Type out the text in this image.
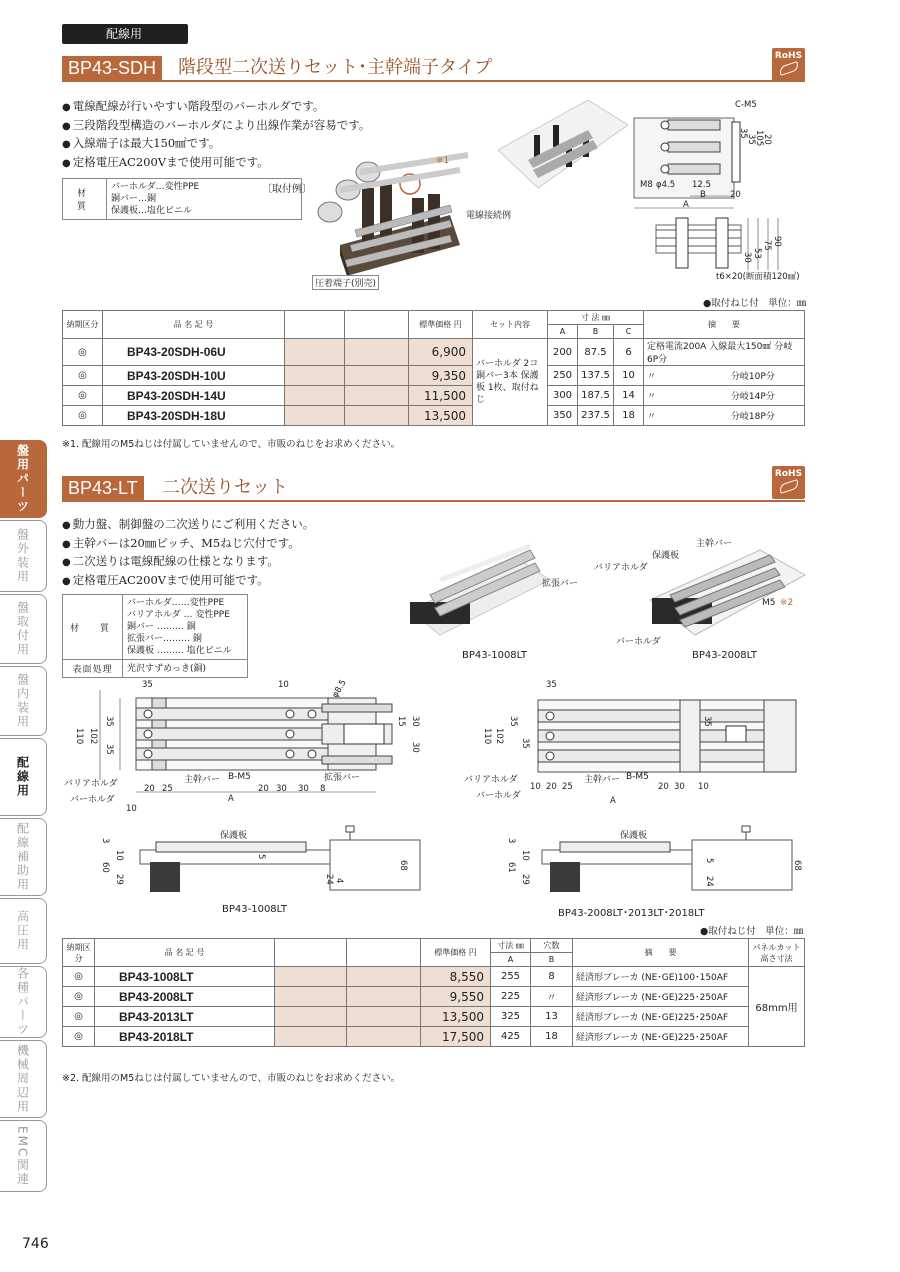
配線用
BP43-SDH	階段型二次送りセット･主幹端子タイプ
RoHS
● 電線配線が行いやすい階段型のバーホルダです。
● 三段階段型構造のバーホルダにより出線作業が容易です。
● 入線端子は最大150㎟です。
● 定格電圧AC200Vまで使用可能です。
材　質	
バーホルダ…変性PPE
銅バー…銅
保護板…塩化ビニル
〔取付例〕
※1
電線接続例
圧着端子(別売)
C-M5
35
35
105
20
M8 φ4.5 12.5
B	20
A
30 53
75 90
t6×20(断面積120㎟)
●取付ねじ付　単位：㎜
納期区分	品 名 記 号			標準価格 円	セット内容	寸 法 ㎜			摘　　要
						A	B	C	
◎	BP43-20SDH-06U			6,900	バーホルダ 2コ 銅バー3本 保護板 1枚、取付ねじ	200	87.5	6	定格電流200A 入線最大150㎟ 分岐6P分
◎	BP43-20SDH-10U			9,350		250	137.5	10	〃　　　　　　　　 分岐10P分
◎	BP43-20SDH-14U			11,500		300	187.5	14	〃　　　　　　　　 分岐14P分
◎	BP43-20SDH-18U			13,500		350	237.5	18	〃　　　　　　　　 分岐18P分
※1. 配線用のM5ねじは付属していませんので、市販のねじをお求めください。
BP43-LT	二次送りセット
RoHS
● 動力盤、制御盤の二次送りにご利用ください。
● 主幹バーは20㎜ピッチ、M5ねじ穴付です。
● 二次送りは電線配線の仕様となります。
● 定格電圧AC200Vまで使用可能です。
材　質	バーホルダ……変性PPE
バリアホルダ … 変性PPE
銅バー ……… 銅
拡張バー……… 銅
保護板 ……… 塩化ビニル

表面処理	光沢すずめっき(銅)
拡張バー
BP43-1008LT
主幹バー
保護板
バリアホルダ
M5 ※2
バーホルダ
BP43-2008LT
35	10	φ8.5
110 102
35
35
15 30
30
バリアホルダ
バーホルダ
主幹バー B-M5	拡張バー
20 25	20 30 30 8
A
10
保護板
3
10
60
29
5
24 4
68
BP43-1008LT
35
110 102
35
35
35
バリアホルダ
バーホルダ
主幹バー B-M5
10 20 25	20 30 10
A
保護板
3
10
61
29
5
24
68
BP43-2008LT･2013LT･2018LT
●取付ねじ付　単位：㎜
納期区分	品 名 記 号			標準価格 円	寸法 ㎜	穴数	摘　　要	パネルカット高さ寸法
					A	B		
◎	BP43-1008LT			8,550	255	8	経済形ブレーカ (NE･GE)100･150AF	68mm用
◎	BP43-2008LT			9,550	225	〃	経済形ブレーカ (NE･GE)225･250AF	
◎	BP43-2013LT			13,500	325	13	経済形ブレーカ (NE･GE)225･250AF	
◎	BP43-2018LT			17,500	425	18	経済形ブレーカ (NE･GE)225･250AF	
※2. 配線用のM5ねじは付属していませんので、市販のねじをお求めください。
盤用パーツ
盤外装用
盤取付用
盤内装用
配線用
配線補助用
高圧用
各種パーツ
機械周辺用
EMC関連
746
